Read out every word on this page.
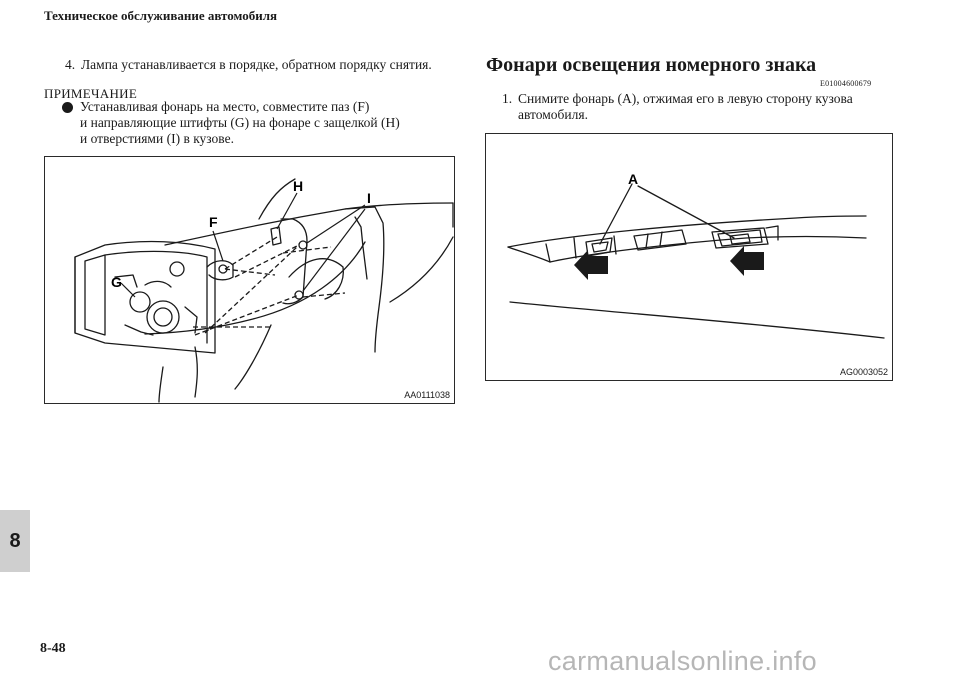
Техническое обслуживание автомобиля
4. Лампа устанавливается в порядке, обратном порядку снятия.
ПРИМЕЧАНИЕ
Устанавливая фонарь на место, совместите паз (F)
и направляющие штифты (G) на фонаре с защелкой (H)
и отверстиями (I) в кузове.
H
I
F
G
AA0111038
Фонари освещения номерного знака
E01004600679
1. Снимите фонарь (A), отжимая его в левую сторону кузова
автомобиля.
A
AG0003052
8
8-48	carmanualsonline.info
